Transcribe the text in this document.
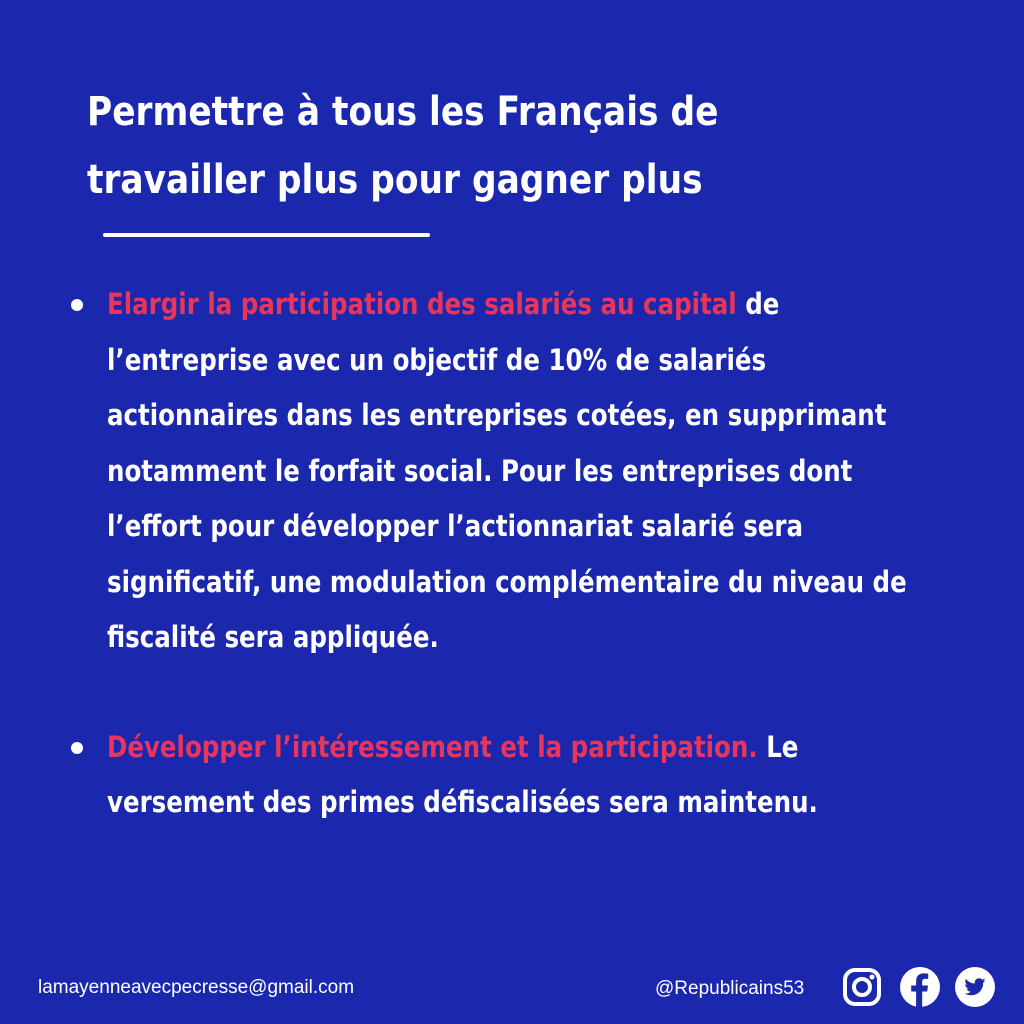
Permettre à tous les Français de
travailler plus pour gagner plus
Elargir la participation des salariés au capital de
l’entreprise avec un objectif de 10% de salariés
actionnaires dans les entreprises cotées, en supprimant
notamment le forfait social. Pour les entreprises dont
l’effort pour développer l’actionnariat salarié sera
significatif, une modulation complémentaire du niveau de
fiscalité sera appliquée.
Développer l’intéressement et la participation. Le
versement des primes défiscalisées sera maintenu.
lamayenneavecpecresse@gmail.com	@Republicains53
